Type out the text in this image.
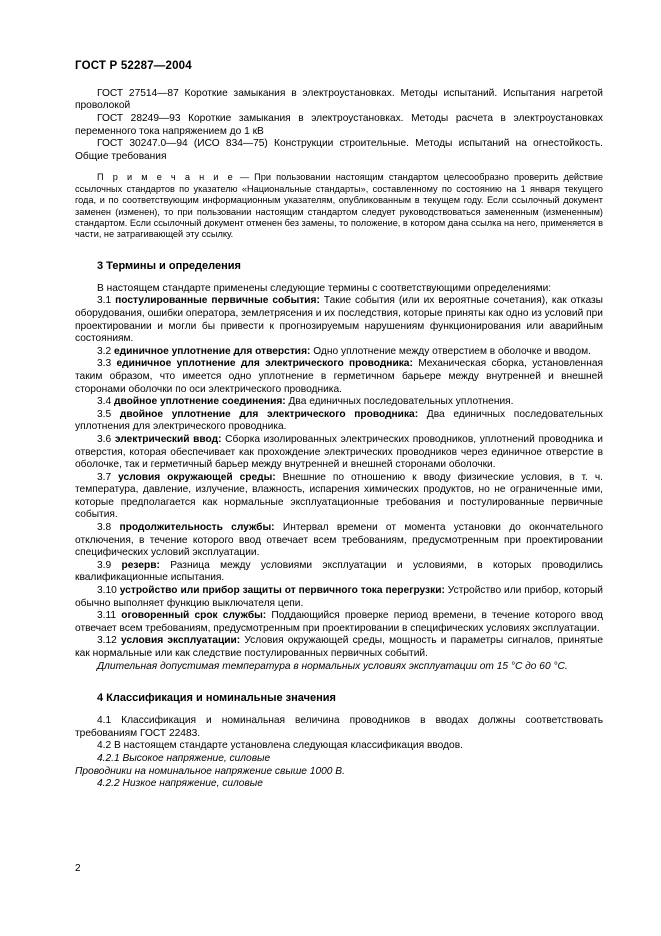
ГОСТ Р 52287—2004

ГОСТ 27514—87 Короткие замыкания в электроустановках. Методы испытаний. Испытания нагретой проволокой

ГОСТ 28249—93 Короткие замыкания в электроустановках. Методы расчета в электроустановках переменного тока напряжением до 1 кВ

ГОСТ 30247.0—94 (ИСО 834—75) Конструкции строительные. Методы испытаний на огнестойкость. Общие требования

П р и м е ч а н и е — При пользовании настоящим стандартом целесообразно проверить действие ссылочных стандартов по указателю «Национальные стандарты», составленному по состоянию на 1 января текущего года, и по соответствующим информационным указателям, опубликованным в текущем году. Если ссылочный документ заменен (изменен), то при пользовании настоящим стандартом следует руководствоваться замененным (измененным) стандартом. Если ссылочный документ отменен без замены, то положение, в котором дана ссылка на него, применяется в части, не затрагивающей эту ссылку.

3 Термины и определения

В настоящем стандарте применены следующие термины с соответствующими определениями:

3.1 постулированные первичные события: Такие события (или их вероятные сочетания), как отказы оборудования, ошибки оператора, землетрясения и их последствия, которые приняты как одно из условий при проектировании и могли бы привести к прогнозируемым нарушениям функционирования или аварийным состояниям.

3.2 единичное уплотнение для отверстия: Одно уплотнение между отверстием в оболочке и вводом.

3.3 единичное уплотнение для электрического проводника: Механическая сборка, установленная таким образом, что имеется одно уплотнение в герметичном барьере между внутренней и внешней сторонами оболочки по оси электрического проводника.

3.4 двойное уплотнение соединения: Два единичных последовательных уплотнения.

3.5 двойное уплотнение для электрического проводника: Два единичных последовательных уплотнения для электрического проводника.

3.6 электрический ввод: Сборка изолированных электрических проводников, уплотнений проводника и отверстия, которая обеспечивает как прохождение электрических проводников через единичное отверстие в оболочке, так и герметичный барьер между внутренней и внешней сторонами оболочки.

3.7 условия окружающей среды: Внешние по отношению к вводу физические условия, в т. ч. температура, давление, излучение, влажность, испарения химических продуктов, но не ограниченные ими, которые предполагается как нормальные эксплуатационные требования и постулированные первичные события.

3.8 продолжительность службы: Интервал времени от момента установки до окончательного отключения, в течение которого ввод отвечает всем требованиям, предусмотренным при проектировании специфических условий эксплуатации.

3.9 резерв: Разница между условиями эксплуатации и условиями, в которых проводились квалификационные испытания.

3.10 устройство или прибор защиты от первичного тока перегрузки: Устройство или прибор, который обычно выполняет функцию выключателя цепи.

3.11 оговоренный срок службы: Поддающийся проверке период времени, в течение которого ввод отвечает всем требованиям, предусмотренным при проектировании в специфических условиях эксплуатации.

3.12 условия эксплуатации: Условия окружающей среды, мощность и параметры сигналов, принятые как нормальные или как следствие постулированных первичных событий.

Длительная допустимая температура в нормальных условиях эксплуатации от 15 °С до 60 °С.

4 Классификация и номинальные значения

4.1 Классификация и номинальная величина проводников в вводах должны соответствовать требованиям ГОСТ 22483.

4.2 В настоящем стандарте установлена следующая классификация вводов.

4.2.1 Высокое напряжение, силовые

Проводники на номинальное напряжение свыше 1000 В.

4.2.2 Низкое напряжение, силовые

2
